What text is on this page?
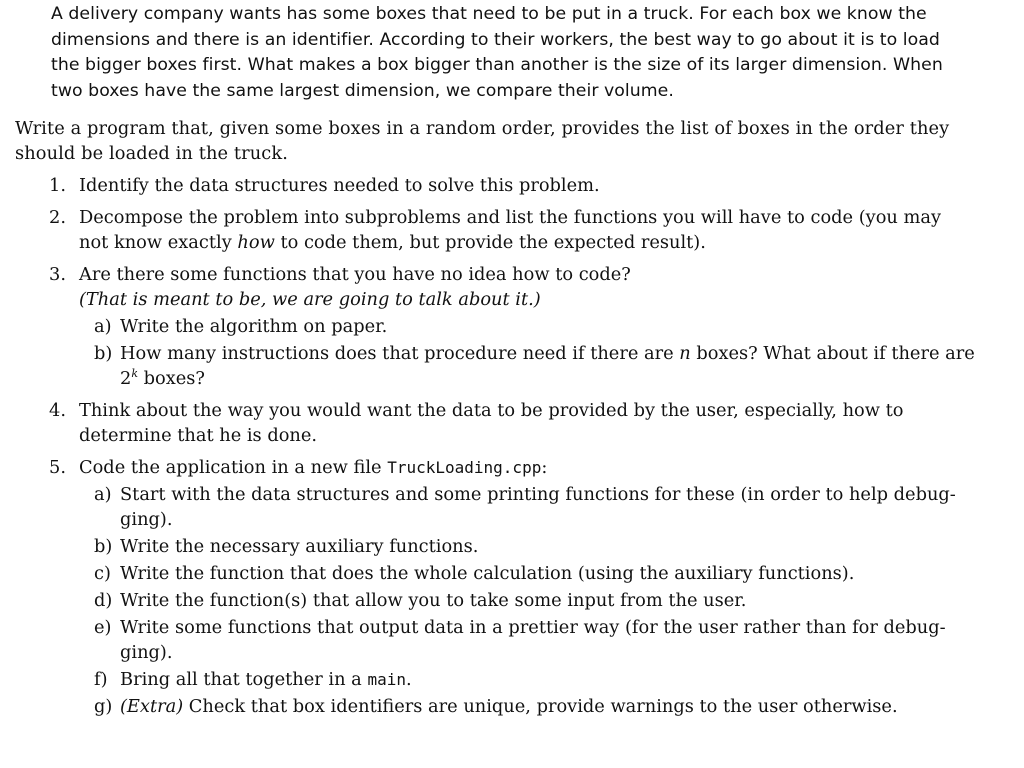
A delivery company wants has some boxes that need to be put in a truck. For each box we know the dimensions and there is an identifier. According to their workers, the best way to go about it is to load the bigger boxes first. What makes a box bigger than another is the size of its larger dimension. When two boxes have the same largest dimension, we compare their volume.

Write a program that, given some boxes in a random order, provides the list of boxes in the order they should be loaded in the truck.

1. Identify the data structures needed to solve this problem.
2. Decompose the problem into subproblems and list the functions you will have to code (you may not know exactly how to code them, but provide the expected result).
3. Are there some functions that you have no idea how to code?
(That is meant to be, we are going to talk about it.)
a) Write the algorithm on paper.
b) How many instructions does that procedure need if there are n boxes? What about if there are 2$^k$ boxes?
4. Think about the way you would want the data to be provided by the user, especially, how to determine that he is done.
5. Code the application in a new file TruckLoading.cpp:
a) Start with the data structures and some printing functions for these (in order to help debug- ging).
b) Write the necessary auxiliary functions.
c) Write the function that does the whole calculation (using the auxiliary functions).
d) Write the function(s) that allow you to take some input from the user.
e) Write some functions that output data in a prettier way (for the user rather than for debug- ging).
f) Bring all that together in a main.
g) (Extra) Check that box identifiers are unique, provide warnings to the user otherwise.
